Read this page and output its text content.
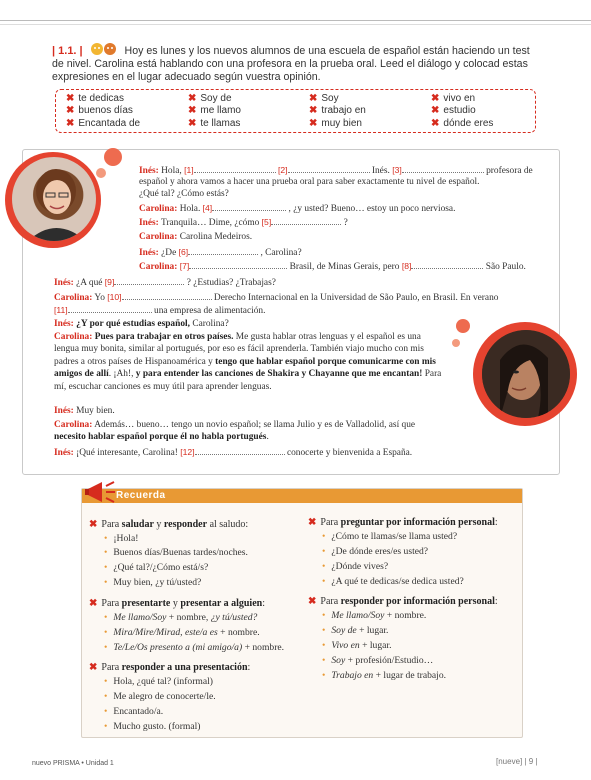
| 1.1. |	Hoy es lunes y los nuevos alumnos de una escuela de español están haciendo un test de nivel. Carolina está hablando con una profesora en la prueba oral. Leed el diálogo y colocad estas expresiones en el lugar adecuado según vuestra opinión.
✖ te dedicas
✖ buenos días
✖ Encantada de
✖ Soy de
✖ me llamo
✖ te llamas
✖ Soy
✖ trabajo en
✖ muy bien
✖ vivo en
✖ estudio
✖ dónde eres
Inés: Hola, [1]	[2]	Inés. [3]	profesora de
español y ahora vamos a hacer una prueba oral para saber exactamente tu nivel de español.
¿Qué tal? ¿Cómo estás?
Carolina: Hola. [4]	, ¿y usted? Bueno… estoy un poco nerviosa.
Inés: Tranquila… Dime, ¿cómo [5]	?
Carolina: Carolina Medeiros.
Inés: ¿De [6]	, Carolina?
Carolina: [7]	Brasil, de Minas Gerais, pero [8]	São Paulo.
Inés: ¿A qué [9]	? ¿Estudias? ¿Trabajas?
Carolina: Yo [10]	Derecho Internacional en la Universidad de São Paulo, en Brasil. En verano
[11]	una empresa de alimentación.
Inés: ¿Y por qué estudias español, Carolina?
Carolina: Pues para trabajar en otros países. Me gusta hablar otras lenguas y el español es una lengua muy bonita, similar al portugués, por eso es fácil aprenderla. También viajo mucho con mis padres a otros países de Hispanoamérica y tengo que hablar español porque comunicarme con mis amigos de allí. ¡Ah!, y para entender las canciones de Shakira y Chayanne que me encantan! Para mí, escuchar canciones es muy útil para aprender lenguas.
Inés: Muy bien.
Carolina: Además… bueno… tengo un novio español; se llama Julio y es de Valladolid, así que necesito hablar español porque él no habla portugués.
Inés: ¡Qué interesante, Carolina! [12]	conocerte y bienvenida a España.
Recuerda
✖ Para saludar y responder al saludo:
• ¡Hola!
• Buenos días/Buenas tardes/noches.
• ¿Qué tal?/¿Cómo está/s?
• Muy bien, ¿y tú/usted?
✖ Para presentarte y presentar a alguien:
• Me llamo/Soy + nombre, ¿y tú/usted?
• Mira/Mire/Mirad, este/a es + nombre.
• Te/Le/Os presento a (mi amigo/a) + nombre.
✖ Para responder a una presentación:
• Hola, ¿qué tal? (informal)
• Me alegro de conocerte/le.
• Encantado/a.
• Mucho gusto. (formal)
✖ Para preguntar por información personal:
• ¿Cómo te llamas/se llama usted?
• ¿De dónde eres/es usted?
• ¿Dónde vives?
• ¿A qué te dedicas/se dedica usted?
✖ Para responder por información personal:
• Me llamo/Soy + nombre.
• Soy de + lugar.
• Vivo en + lugar.
• Soy + profesión/Estudio…
• Trabajo en + lugar de trabajo.
nuevo PRISMA • Unidad 1	[nueve] | 9 |
